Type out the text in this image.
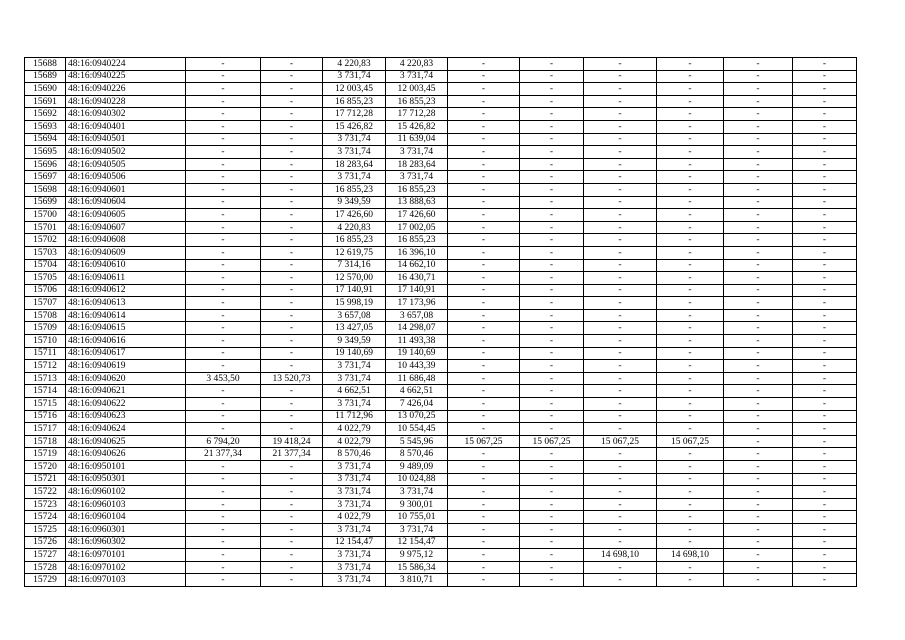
15688	48:16:0940224	-	-	4 220,83	4 220,83	-	-	-	-	-	-
15689	48:16:0940225	-	-	3 731,74	3 731,74	-	-	-	-	-	-
15690	48:16:0940226	-	-	12 003,45	12 003,45	-	-	-	-	-	-
15691	48:16:0940228	-	-	16 855,23	16 855,23	-	-	-	-	-	-
15692	48:16:0940302	-	-	17 712,28	17 712,28	-	-	-	-	-	-
15693	48:16:0940401	-	-	15 426,82	15 426,82	-	-	-	-	-	-
15694	48:16:0940501	-	-	3 731,74	11 639,04	-	-	-	-	-	-
15695	48:16:0940502	-	-	3 731,74	3 731,74	-	-	-	-	-	-
15696	48:16:0940505	-	-	18 283,64	18 283,64	-	-	-	-	-	-
15697	48:16:0940506	-	-	3 731,74	3 731,74	-	-	-	-	-	-
15698	48:16:0940601	-	-	16 855,23	16 855,23	-	-	-	-	-	-
15699	48:16:0940604	-	-	9 349,59	13 888,63	-	-	-	-	-	-
15700	48:16:0940605	-	-	17 426,60	17 426,60	-	-	-	-	-	-
15701	48:16:0940607	-	-	4 220,83	17 002,05	-	-	-	-	-	-
15702	48:16:0940608	-	-	16 855,23	16 855,23	-	-	-	-	-	-
15703	48:16:0940609	-	-	12 619,75	16 396,10	-	-	-	-	-	-
15704	48:16:0940610	-	-	7 314,16	14 662,10	-	-	-	-	-	-
15705	48:16:0940611	-	-	12 570,00	16 430,71	-	-	-	-	-	-
15706	48:16:0940612	-	-	17 140,91	17 140,91	-	-	-	-	-	-
15707	48:16:0940613	-	-	15 998,19	17 173,96	-	-	-	-	-	-
15708	48:16:0940614	-	-	3 657,08	3 657,08	-	-	-	-	-	-
15709	48:16:0940615	-	-	13 427,05	14 298,07	-	-	-	-	-	-
15710	48:16:0940616	-	-	9 349,59	11 493,38	-	-	-	-	-	-
15711	48:16:0940617	-	-	19 140,69	19 140,69	-	-	-	-	-	-
15712	48:16:0940619	-	-	3 731,74	10 443,39	-	-	-	-	-	-
15713	48:16:0940620	3 453,50	13 520,73	3 731,74	11 686,48	-	-	-	-	-	-
15714	48:16:0940621	-	-	4 662,51	4 662,51	-	-	-	-	-	-
15715	48:16:0940622	-	-	3 731,74	7 426,04	-	-	-	-	-	-
15716	48:16:0940623	-	-	11 712,96	13 070,25	-	-	-	-	-	-
15717	48:16:0940624	-	-	4 022,79	10 554,45	-	-	-	-	-	-
15718	48:16:0940625	6 794,20	19 418,24	4 022,79	5 545,96	15 067,25	15 067,25	15 067,25	15 067,25	-	-
15719	48:16:0940626	21 377,34	21 377,34	8 570,46	8 570,46	-	-	-	-	-	-
15720	48:16:0950101	-	-	3 731,74	9 489,09	-	-	-	-	-	-
15721	48:16:0950301	-	-	3 731,74	10 024,88	-	-	-	-	-	-
15722	48:16:0960102	-	-	3 731,74	3 731,74	-	-	-	-	-	-
15723	48:16:0960103	-	-	3 731,74	9 300,01	-	-	-	-	-	-
15724	48:16:0960104	-	-	4 022,79	10 755,01	-	-	-	-	-	-
15725	48:16:0960301	-	-	3 731,74	3 731,74	-	-	-	-	-	-
15726	48:16:0960302	-	-	12 154,47	12 154,47	-	-	-	-	-	-
15727	48:16:0970101	-	-	3 731,74	9 975,12	-	-	14 698,10	14 698,10	-	-
15728	48:16:0970102	-	-	3 731,74	15 586,34	-	-	-	-	-	-
15729	48:16:0970103	-	-	3 731,74	3 810,71	-	-	-	-	-	-
